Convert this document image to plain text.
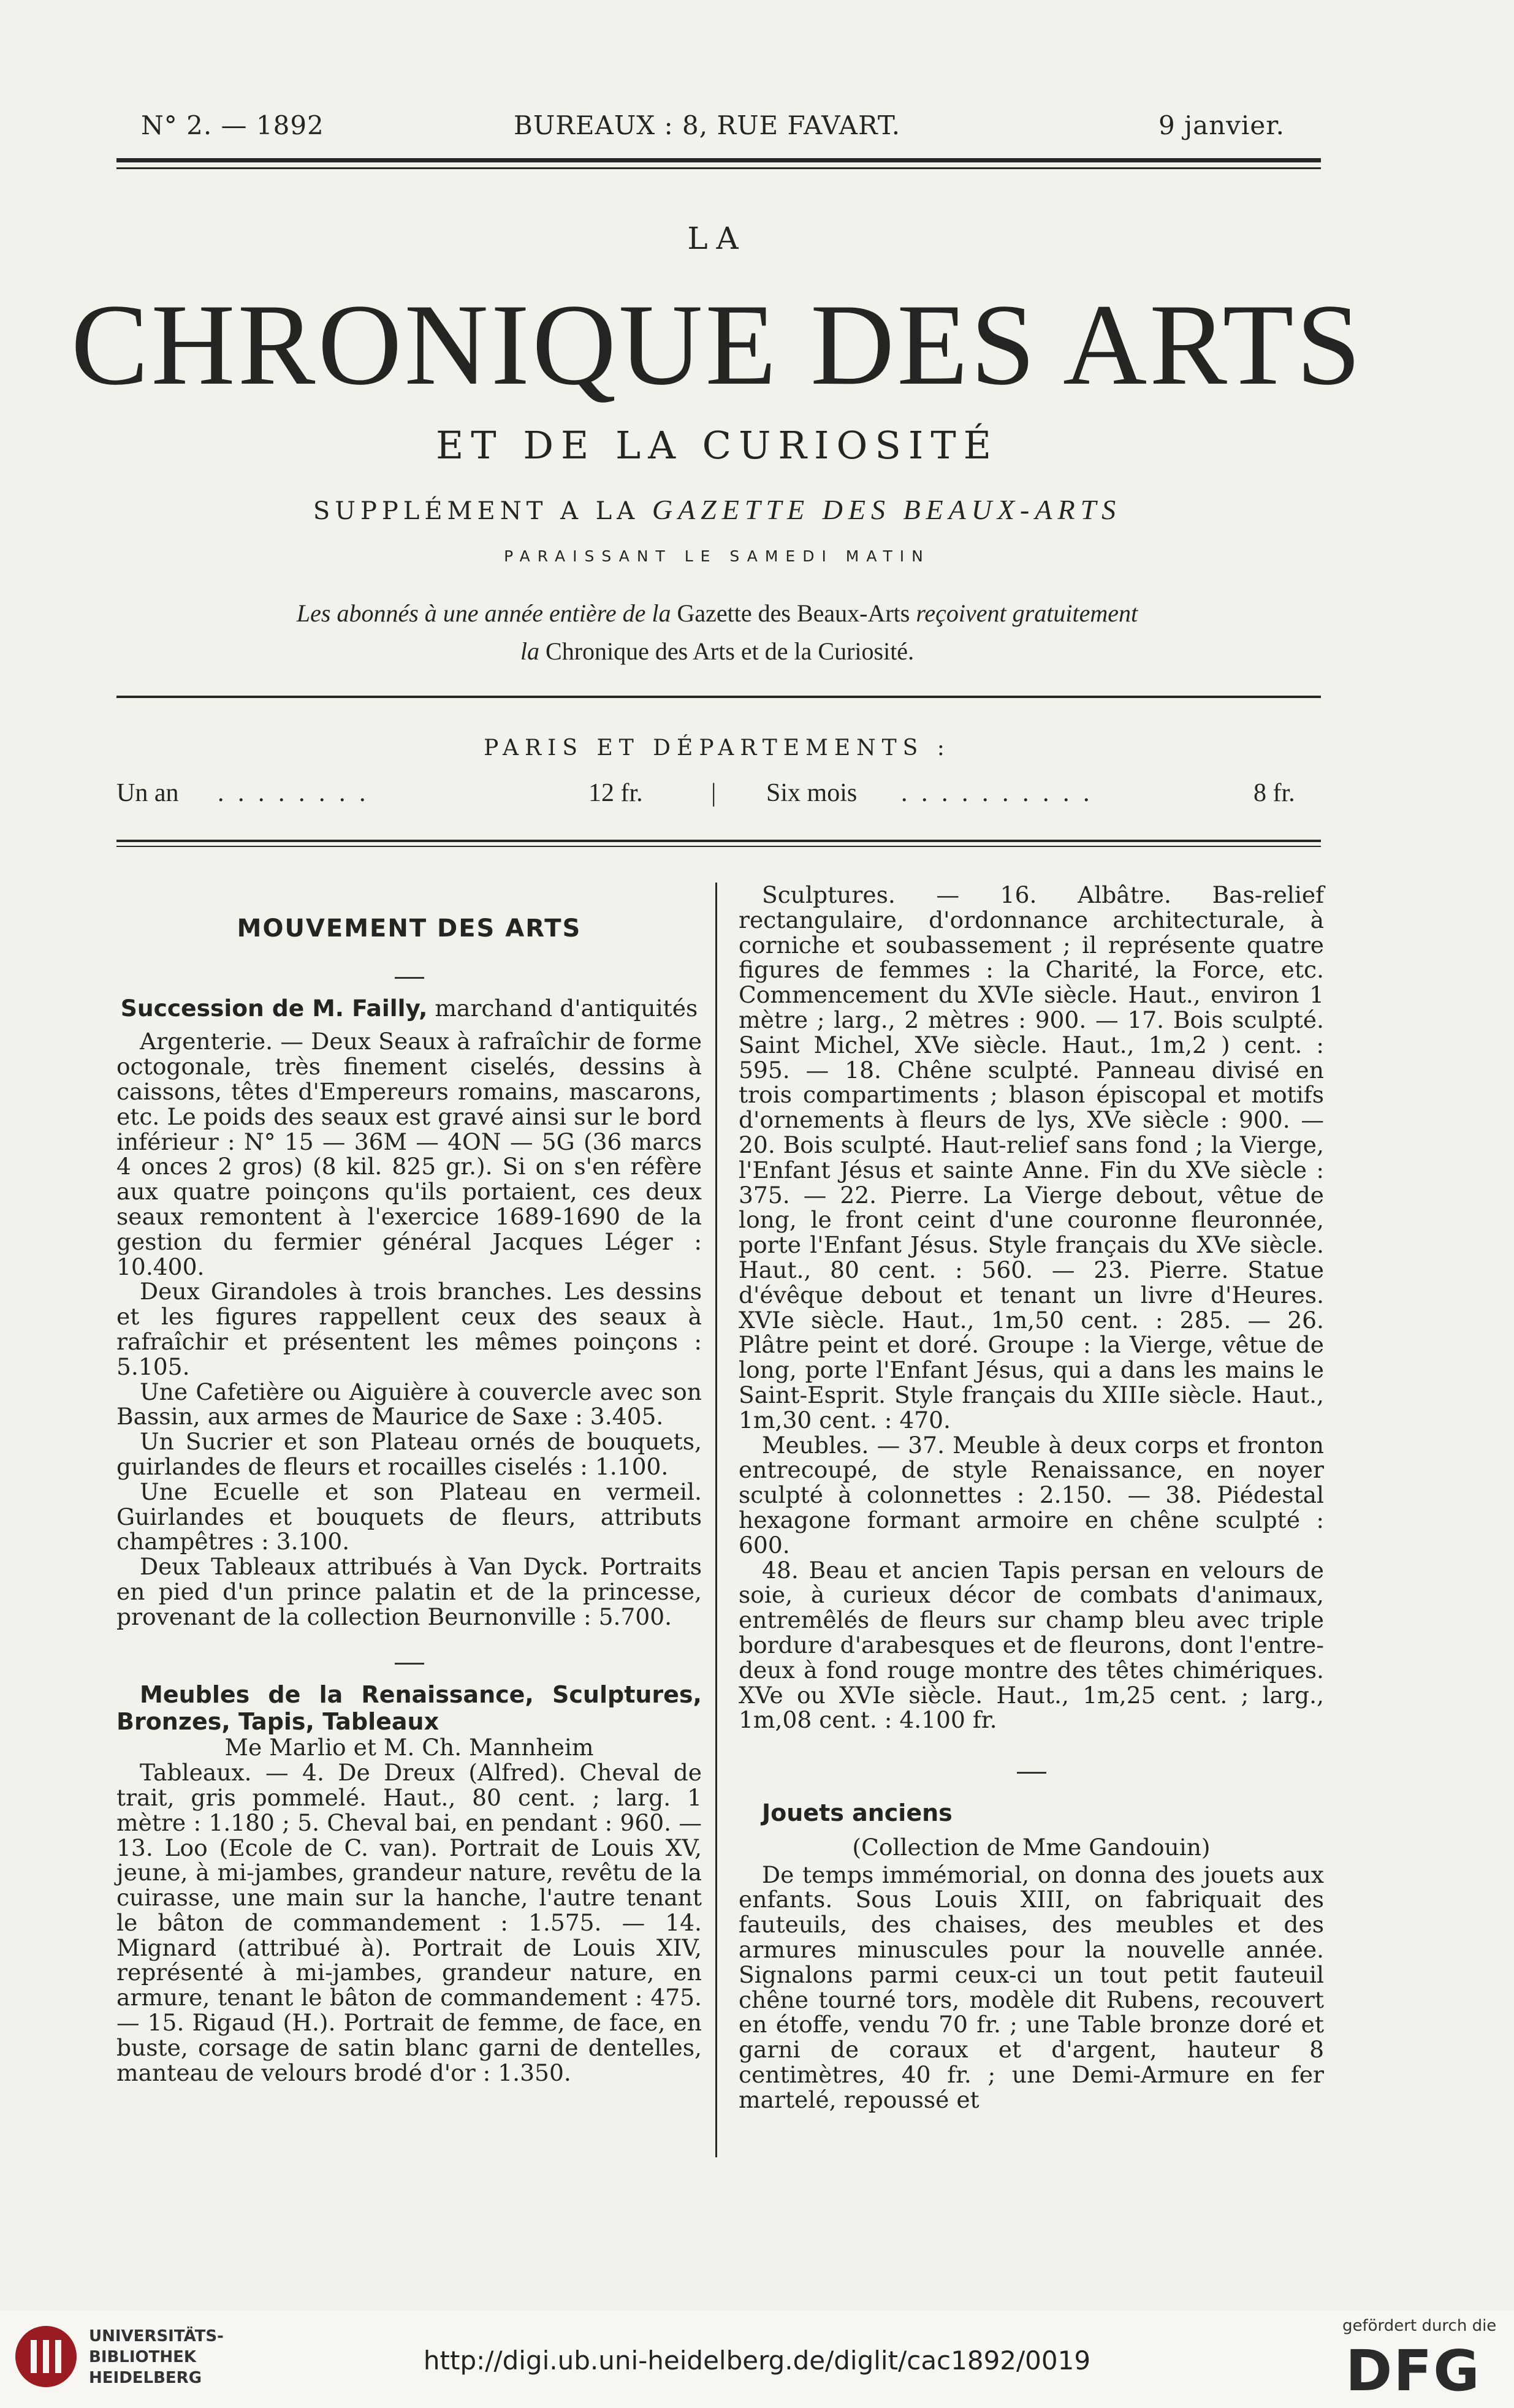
N° 2. — 1892	BUREAUX : 8, RUE FAVART.	9 janvier.
LA
CHRONIQUE DES ARTS
ET DE LA CURIOSITÉ
SUPPLÉMENT A LA GAZETTE DES BEAUX-ARTS
PARAISSANT LE SAMEDI MATIN
Les abonnés à une année entière de la Gazette des Beaux-Arts reçoivent gratuitement
la Chronique des Arts et de la Curiosité.
PARIS ET DÉPARTEMENTS :
Un an . . . . . . . .	12 fr.	| Six mois . . . . . . . . . .	8 fr.
MOUVEMENT DES ARTS

Succession de M. Failly, marchand d'antiquités

Argenterie. — Deux Seaux à rafraîchir de forme octogonale, très finement ciselés, dessins à caissons, têtes d'Empereurs romains, mascarons, etc. Le poids des seaux est gravé ainsi sur le bord inférieur : N° 15 — 36M — 4ON — 5G (36 marcs 4 onces 2 gros) (8 kil. 825 gr.). Si on s'en réfère aux quatre poinçons qu'ils portaient, ces deux seaux remontent à l'exercice 1689-1690 de la gestion du fermier général Jacques Léger : 10.400.

Deux Girandoles à trois branches. Les dessins et les figures rappellent ceux des seaux à rafraîchir et présentent les mêmes poinçons : 5.105.

Une Cafetière ou Aiguière à couvercle avec son Bassin, aux armes de Maurice de Saxe : 3.405.

Un Sucrier et son Plateau ornés de bouquets, guirlandes de fleurs et rocailles ciselés : 1.100.

Une Ecuelle et son Plateau en vermeil. Guirlandes et bouquets de fleurs, attributs champêtres : 3.100.

Deux Tableaux attribués à Van Dyck. Portraits en pied d'un prince palatin et de la princesse, provenant de la collection Beurnonville : 5.700.

Meubles de la Renaissance, Sculptures, Bronzes, Tapis, Tableaux

Me Marlio et M. Ch. Mannheim

Tableaux. — 4. De Dreux (Alfred). Cheval de trait, gris pommelé. Haut., 80 cent. ; larg. 1 mètre : 1.180 ; 5. Cheval bai, en pendant : 960. — 13. Loo (Ecole de C. van). Portrait de Louis XV, jeune, à mi-jambes, grandeur nature, revêtu de la cuirasse, une main sur la hanche, l'autre tenant le bâton de commandement : 1.575. — 14. Mignard (attribué à). Portrait de Louis XIV, représenté à mi-jambes, grandeur nature, en armure, tenant le bâton de commandement : 475. — 15. Rigaud (H.). Portrait de femme, de face, en buste, corsage de satin blanc garni de dentelles, manteau de velours brodé d'or : 1.350.

Sculptures. — 16. Albâtre. Bas-relief rectangulaire, d'ordonnance architecturale, à corniche et soubassement ; il représente quatre figures de femmes : la Charité, la Force, etc. Commencement du XVIe siècle. Haut., environ 1 mètre ; larg., 2 mètres : 900. — 17. Bois sculpté. Saint Michel, XVe siècle. Haut., 1m,2 ) cent. : 595. — 18. Chêne sculpté. Panneau divisé en trois compartiments ; blason épiscopal et motifs d'ornements à fleurs de lys, XVe siècle : 900. — 20. Bois sculpté. Haut-relief sans fond ; la Vierge, l'Enfant Jésus et sainte Anne. Fin du XVe siècle : 375. — 22. Pierre. La Vierge debout, vêtue de long, le front ceint d'une couronne fleuronnée, porte l'Enfant Jésus. Style français du XVe siècle. Haut., 80 cent. : 560. — 23. Pierre. Statue d'évêque debout et tenant un livre d'Heures. XVIe siècle. Haut., 1m,50 cent. : 285. — 26. Plâtre peint et doré. Groupe : la Vierge, vêtue de long, porte l'Enfant Jésus, qui a dans les mains le Saint-Esprit. Style français du XIIIe siècle. Haut., 1m,30 cent. : 470.

Meubles. — 37. Meuble à deux corps et fronton entrecoupé, de style Renaissance, en noyer sculpté à colonnettes : 2.150. — 38. Piédestal hexagone formant armoire en chêne sculpté : 600.

48. Beau et ancien Tapis persan en velours de soie, à curieux décor de combats d'animaux, entremêlés de fleurs sur champ bleu avec triple bordure d'arabesques et de fleurons, dont l'entre-deux à fond rouge montre des têtes chimériques. XVe ou XVIe siècle. Haut., 1m,25 cent. ; larg., 1m,08 cent. : 4.100 fr.

Jouets anciens

(Collection de Mme Gandouin)

De temps immémorial, on donna des jouets aux enfants. Sous Louis XIII, on fabriquait des fauteuils, des chaises, des meubles et des armures minuscules pour la nouvelle année. Signalons parmi ceux-ci un tout petit fauteuil chêne tourné tors, modèle dit Rubens, recouvert en étoffe, vendu 70 fr. ; une Table bronze doré et garni de coraux et d'argent, hauteur 8 centimètres, 40 fr. ; une Demi-Armure en fer martelé, repoussé et

UNIVERSITÄTS-
BIBLIOTHEK
HEIDELBERG
http://digi.ub.uni-heidelberg.de/diglit/cac1892/0019
gefördert durch die
DFG
